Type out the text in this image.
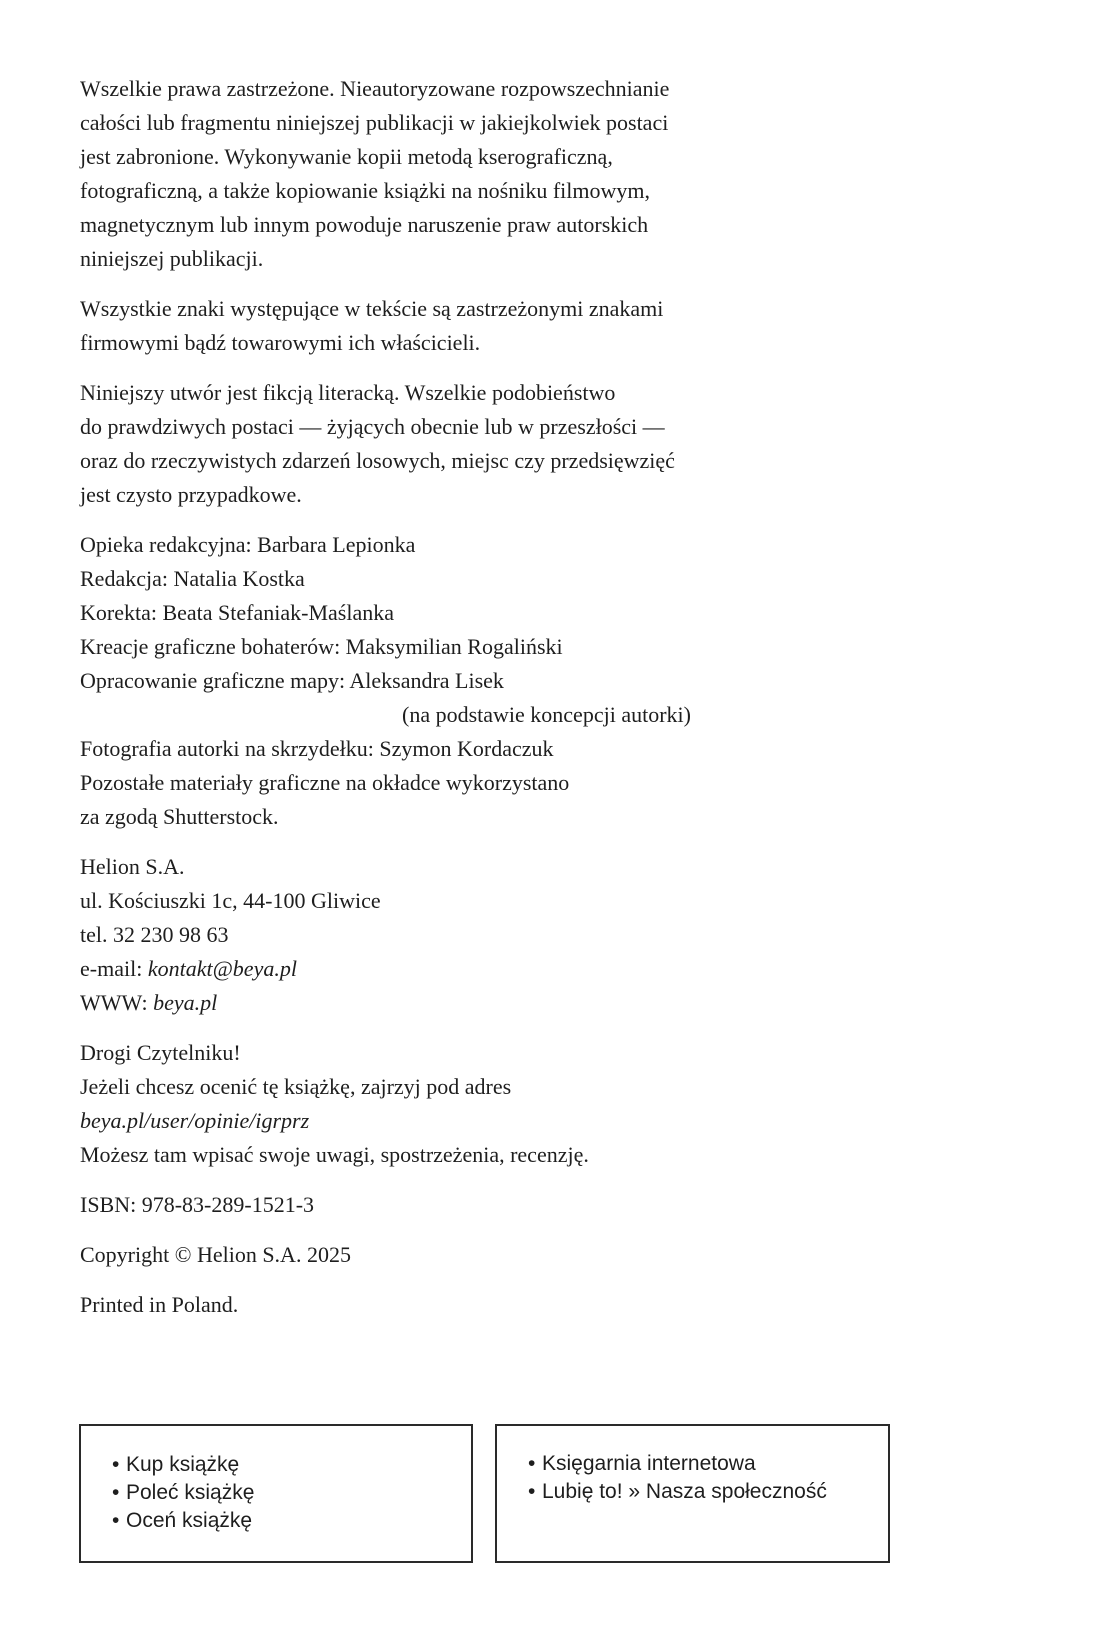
Wszelkie prawa zastrzeżone. Nieautoryzowane rozpowszechnianie
całości lub fragmentu niniejszej publikacji w jakiejkolwiek postaci
jest zabronione. Wykonywanie kopii metodą kserograficzną,
fotograficzną, a także kopiowanie książki na nośniku filmowym,
magnetycznym lub innym powoduje naruszenie praw autorskich
niniejszej publikacji.

Wszystkie znaki występujące w tekście są zastrzeżonymi znakami
firmowymi bądź towarowymi ich właścicieli.

Niniejszy utwór jest fikcją literacką. Wszelkie podobieństwo
do prawdziwych postaci — żyjących obecnie lub w przeszłości —
oraz do rzeczywistych zdarzeń losowych, miejsc czy przedsięwzięć
jest czysto przypadkowe.

Opieka redakcyjna: Barbara Lepionka
Redakcja: Natalia Kostka
Korekta: Beata Stefaniak-Maślanka
Kreacje graficzne bohaterów: Maksymilian Rogaliński
Opracowanie graficzne mapy: Aleksandra Lisek
(na podstawie koncepcji autorki)
Fotografia autorki na skrzydełku: Szymon Kordaczuk
Pozostałe materiały graficzne na okładce wykorzystano
za zgodą Shutterstock.

Helion S.A.
ul. Kościuszki 1c, 44-100 Gliwice
tel. 32 230 98 63
e-mail: kontakt@beya.pl
WWW: beya.pl

Drogi Czytelniku!
Jeżeli chcesz ocenić tę książkę, zajrzyj pod adres
beya.pl/user/opinie/igrprz
Możesz tam wpisać swoje uwagi, spostrzeżenia, recenzję.

ISBN: 978-83-289-1521-3

Copyright © Helion S.A. 2025

Printed in Poland.

• Kup książkę
• Poleć książkę
• Oceń książkę
• Księgarnia internetowa
• Lubię to! » Nasza społeczność
